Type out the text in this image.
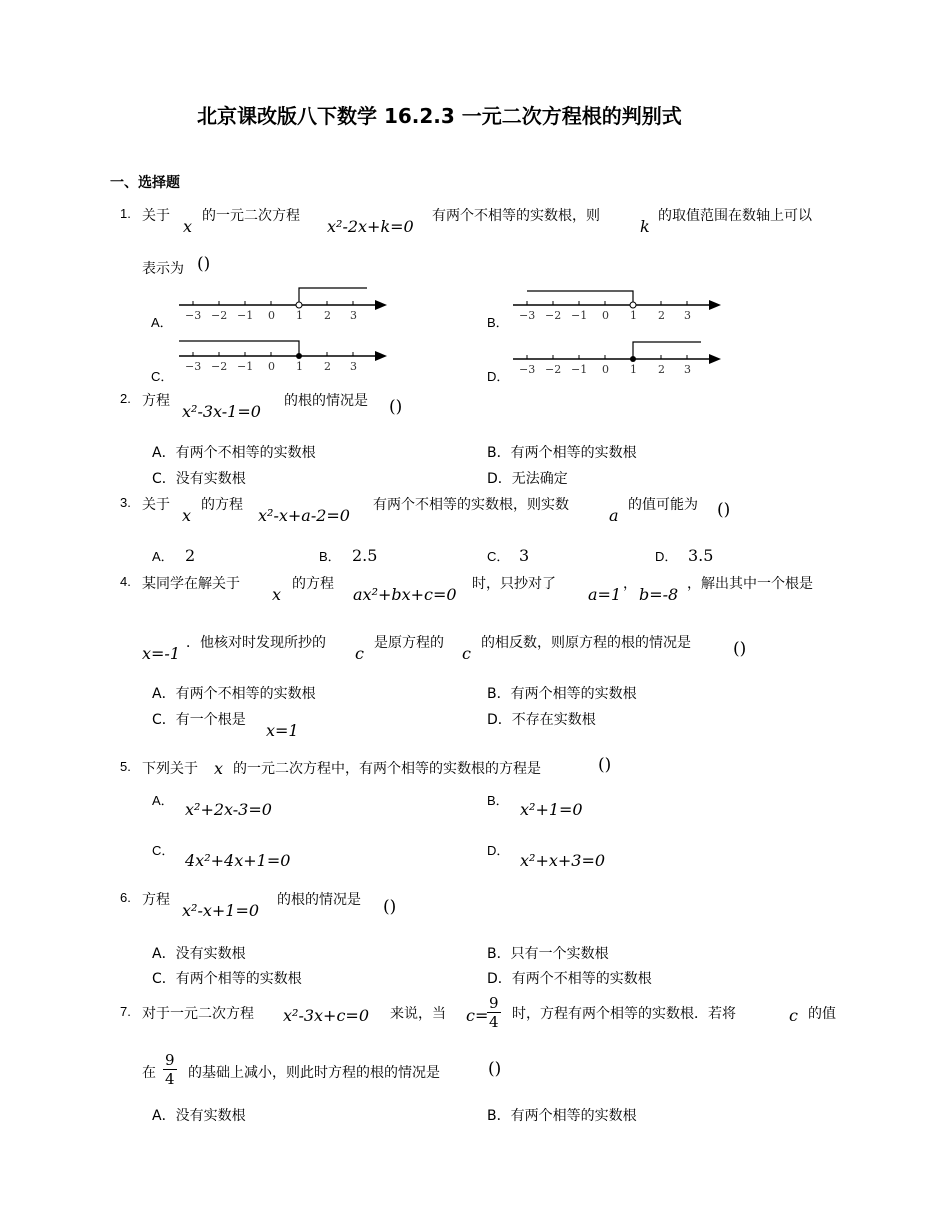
北京课改版八下数学 16.2.3 一元二次方程根的判别式
一、选择题
1. 关于
x
的一元二次方程
x²-2x+k=0
有两个不相等的实数根，则
k
的取值范围在数轴上可以
表示为 ()
A．	B．
C．	D．
−3 −2 −1 0 1 2 3	−3 −2 −1 0 1 2 3
−3 −2 −1 0 1 2 3	−3 −2 −1 0 1 2 3
2. 方程
x²-3x-1=0
的根的情况是 ()
A．有两个不相等的实数根	B．有两个相等的实数根
C．没有实数根	D．无法确定
3. 关于
x
的方程
x²-x+a-2=0
有两个不相等的实数根，则实数
a
的值可能为 ()
A． 2	B． 2.5	C． 3	D． 3.5
4. 某同学在解关于
x
的方程
ax²+bx+c=0
时，只抄对了
a=1
，
b=-8
，解出其中一个根是
x=-1
．他核对时发现所抄的
c
是原方程的
c
的相反数，则原方程的根的情况是 ()
A．有两个不相等的实数根	B．有两个相等的实数根
C．有一个根是
x=1
D．不存在实数根
5. 下列关于 x 的一元二次方程中，有两个相等的实数根的方程是	()
A． x²+2x-3=0	B． x²+1=0
C．
4x²+4x+1=0
D．
x²+x+3=0
6. 方程
x²-x+1=0
的根的情况是 ()
A．没有实数根	B．只有一个实数根
C．有两个相等的实数根	D．有两个不相等的实数根
7. 对于一元二次方程 x²-3x+c=0 来说，当 c=
$\frac{9}{4}$ 时，方程有两个相等的实数根．若将	c 的值
在 $\frac{9}{4}$ 的基础上减小，则此时方程的根的情况是	()
A．没有实数根	B．有两个相等的实数根
